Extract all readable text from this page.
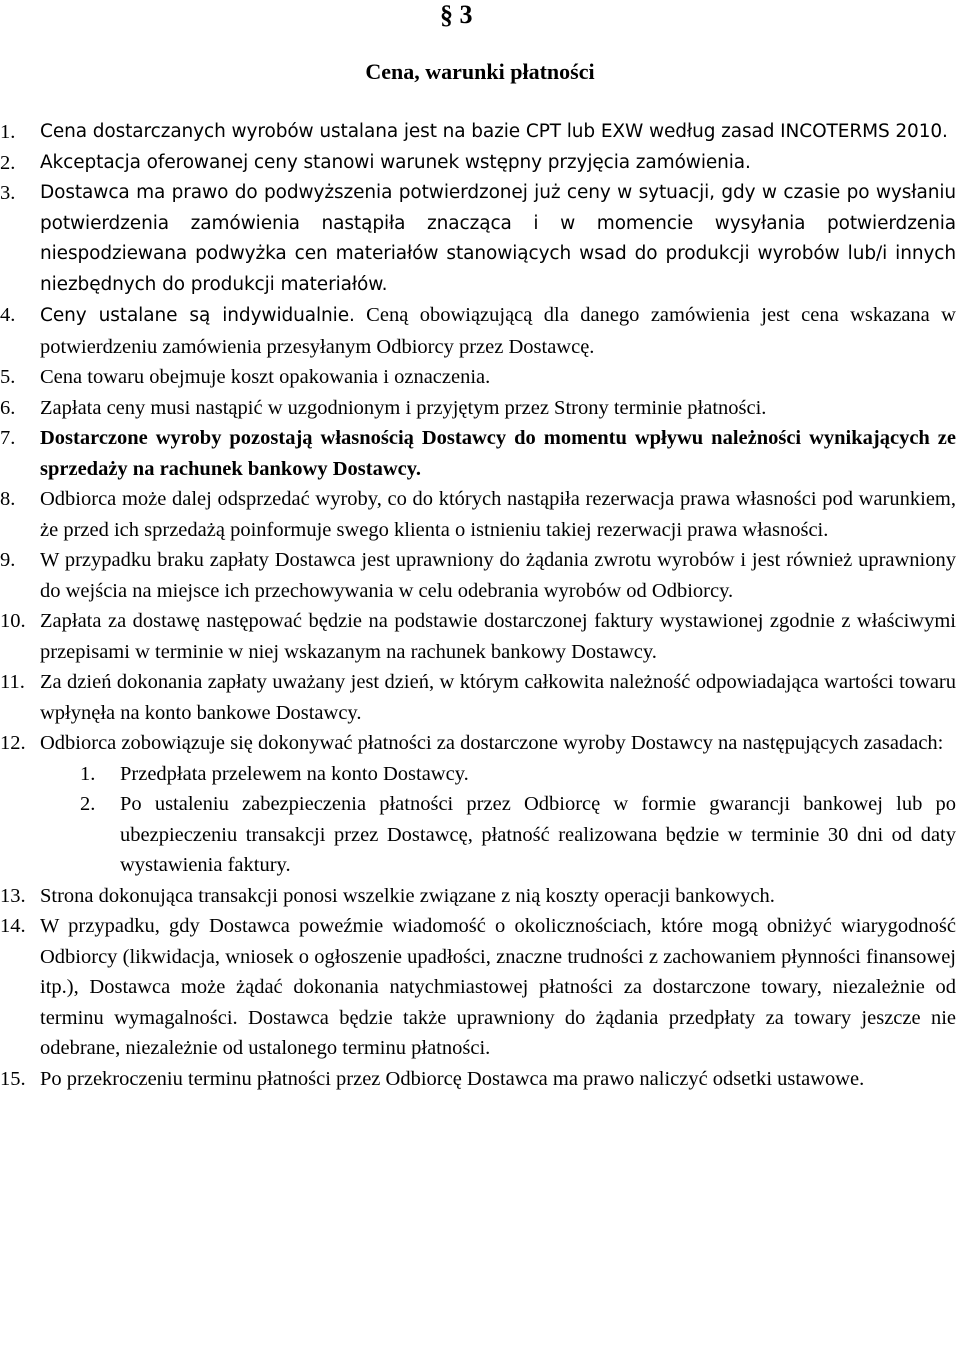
§ 3
Cena, warunki płatności
1.	Cena dostarczanych wyrobów ustalana jest na bazie CPT lub EXW według zasad INCOTERMS 2010.
2.	Akceptacja oferowanej ceny stanowi warunek wstępny przyjęcia zamówienia.
3.	Dostawca ma prawo do podwyższenia potwierdzonej już ceny w sytuacji, gdy w czasie po wysłaniu potwierdzenia zamówienia nastąpiła znacząca i w momencie wysyłania potwierdzenia niespodziewana podwyżka cen materiałów stanowiących wsad do produkcji wyrobów lub/i innych niezbędnych do produkcji materiałów.
4.	Ceny ustalane są indywidualnie. Ceną obowiązującą dla danego zamówienia jest cena wskazana w potwierdzeniu zamówienia przesyłanym Odbiorcy przez Dostawcę.
5.	Cena towaru obejmuje koszt opakowania i oznaczenia.
6.	Zapłata ceny musi nastąpić w uzgodnionym i przyjętym przez Strony terminie płatności.
7.	Dostarczone wyroby pozostają własnością Dostawcy do momentu wpływu należności wynikających ze sprzedaży na rachunek bankowy Dostawcy.
8.	Odbiorca może dalej odsprzedać wyroby, co do których nastąpiła rezerwacja prawa własności pod warunkiem, że przed ich sprzedażą poinformuje swego klienta o istnieniu takiej rezerwacji prawa własności.
9.	W przypadku braku zapłaty Dostawca jest uprawniony do żądania zwrotu wyrobów i jest również uprawniony do wejścia na miejsce ich przechowywania w celu odebrania wyrobów od Odbiorcy.
10. Zapłata za dostawę następować będzie na podstawie dostarczonej faktury wystawionej zgodnie z właściwymi przepisami w terminie w niej wskazanym na rachunek bankowy Dostawcy.
11. Za dzień dokonania zapłaty uważany jest dzień, w którym całkowita należność odpowiadająca wartości towaru wpłynęła na konto bankowe Dostawcy.
12. Odbiorca zobowiązuje się dokonywać płatności za dostarczone wyroby Dostawcy na następujących zasadach:
1.	Przedpłata przelewem na konto Dostawcy.
2.	Po ustaleniu zabezpieczenia płatności przez Odbiorcę w formie gwarancji bankowej lub po ubezpieczeniu transakcji przez Dostawcę, płatność realizowana będzie w terminie 30 dni od daty wystawienia faktury.
13. Strona dokonująca transakcji ponosi wszelkie związane z nią koszty operacji bankowych.
14. W przypadku, gdy Dostawca poweźmie wiadomość o okolicznościach, które mogą obniżyć wiarygodność Odbiorcy (likwidacja, wniosek o ogłoszenie upadłości, znaczne trudności z zachowaniem płynności finansowej itp.), Dostawca może żądać dokonania natychmiastowej płatności za dostarczone towary, niezależnie od terminu wymagalności. Dostawca będzie także uprawniony do żądania przedpłaty za towary jeszcze nie odebrane, niezależnie od ustalonego terminu płatności.
15. Po przekroczeniu terminu płatności przez Odbiorcę Dostawca ma prawo naliczyć odsetki ustawowe.
